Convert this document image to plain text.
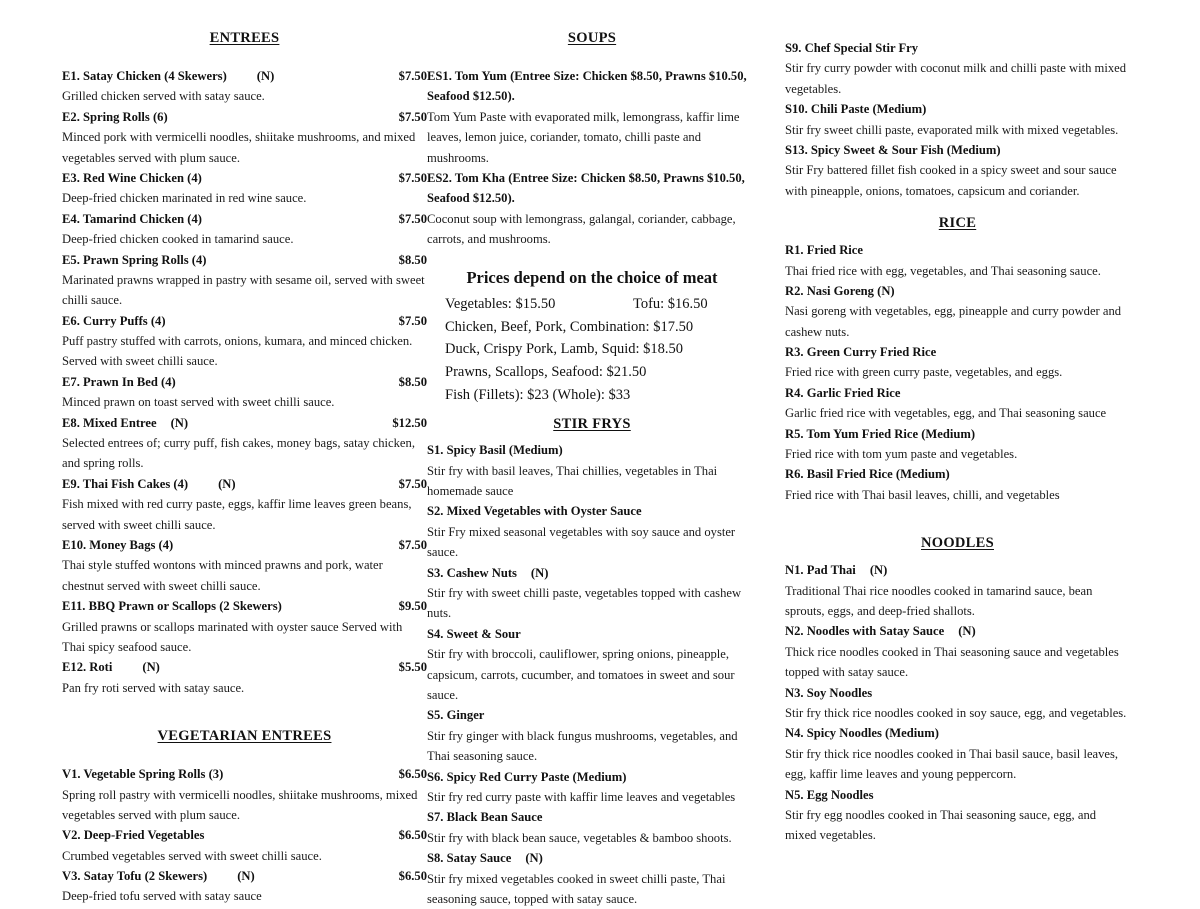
ENTREES
E1. Satay Chicken (4 Skewers) (N)	$7.50
Grilled chicken served with satay sauce.
E2. Spring Rolls (6)	$7.50
Minced pork with vermicelli noodles, shiitake mushrooms, and mixed vegetables served with plum sauce.
E3. Red Wine Chicken (4)	$7.50
Deep-fried chicken marinated in red wine sauce.
E4. Tamarind Chicken (4)	$7.50
Deep-fried chicken cooked in tamarind sauce.
E5. Prawn Spring Rolls (4)	$8.50
Marinated prawns wrapped in pastry with sesame oil, served with sweet chilli sauce.
E6. Curry Puffs (4)	$7.50
Puff pastry stuffed with carrots, onions, kumara, and minced chicken. Served with sweet chilli sauce.
E7. Prawn In Bed (4)	$8.50
Minced prawn on toast served with sweet chilli sauce.
E8. Mixed Entree (N)	$12.50
Selected entrees of; curry puff, fish cakes, money bags, satay chicken, and spring rolls.
E9. Thai Fish Cakes (4) (N)	$7.50
Fish mixed with red curry paste, eggs, kaffir lime leaves green beans, served with sweet chilli sauce.
E10. Money Bags (4)	$7.50
Thai style stuffed wontons with minced prawns and pork, water chestnut served with sweet chilli sauce.
E11. BBQ Prawn or Scallops (2 Skewers)	$9.50
Grilled prawns or scallops marinated with oyster sauce Served with Thai spicy seafood sauce.
E12. Roti (N)	$5.50
Pan fry roti served with satay sauce.
VEGETARIAN ENTREES
V1. Vegetable Spring Rolls (3)	$6.50
Spring roll pastry with vermicelli noodles, shiitake mushrooms, mixed vegetables served with plum sauce.
V2. Deep-Fried Vegetables	$6.50
Crumbed vegetables served with sweet chilli sauce.
V3. Satay Tofu (2 Skewers) (N)	$6.50
Deep-fried tofu served with satay sauce
SOUPS
ES1. Tom Yum (Entree Size: Chicken $8.50, Prawns $10.50, Seafood $12.50).
Tom Yum Paste with evaporated milk, lemongrass, kaffir lime leaves, lemon juice, coriander, tomato, chilli paste and mushrooms.
ES2. Tom Kha (Entree Size: Chicken $8.50, Prawns $10.50, Seafood $12.50).
Coconut soup with lemongrass, galangal, coriander, cabbage, carrots, and mushrooms.
Prices depend on the choice of meat
Vegetables: $15.50	Tofu: $16.50
Chicken, Beef, Pork, Combination: $17.50
Duck, Crispy Pork, Lamb, Squid: $18.50
Prawns, Scallops, Seafood: $21.50
Fish (Fillets): $23 (Whole): $33
STIR FRYS
S1. Spicy Basil (Medium)
Stir fry with basil leaves, Thai chillies, vegetables in Thai homemade sauce
S2. Mixed Vegetables with Oyster Sauce
Stir Fry mixed seasonal vegetables with soy sauce and oyster sauce.
S3. Cashew Nuts (N)
Stir fry with sweet chilli paste, vegetables topped with cashew nuts.
S4. Sweet & Sour
Stir fry with broccoli, cauliflower, spring onions, pineapple, capsicum, carrots, cucumber, and tomatoes in sweet and sour sauce.
S5. Ginger
Stir fry ginger with black fungus mushrooms, vegetables, and Thai seasoning sauce.
S6. Spicy Red Curry Paste (Medium)
Stir fry red curry paste with kaffir lime leaves and vegetables
S7. Black Bean Sauce
Stir fry with black bean sauce, vegetables & bamboo shoots.
S8. Satay Sauce (N)
Stir fry mixed vegetables cooked in sweet chilli paste, Thai seasoning sauce, topped with satay sauce.
S9. Chef Special Stir Fry
Stir fry curry powder with coconut milk and chilli paste with mixed vegetables.
S10. Chili Paste (Medium)
Stir fry sweet chilli paste, evaporated milk with mixed vegetables.
S13. Spicy Sweet & Sour Fish (Medium)
Stir Fry battered fillet fish cooked in a spicy sweet and sour sauce with pineapple, onions, tomatoes, capsicum and coriander.
RICE
R1. Fried Rice
Thai fried rice with egg, vegetables, and Thai seasoning sauce.
R2. Nasi Goreng (N)
Nasi goreng with vegetables, egg, pineapple and curry powder and cashew nuts.
R3. Green Curry Fried Rice
Fried rice with green curry paste, vegetables, and eggs.
R4. Garlic Fried Rice
Garlic fried rice with vegetables, egg, and Thai seasoning sauce
R5. Tom Yum Fried Rice (Medium)
Fried rice with tom yum paste and vegetables.
R6. Basil Fried Rice (Medium)
Fried rice with Thai basil leaves, chilli, and vegetables
NOODLES
N1. Pad Thai (N)
Traditional Thai rice noodles cooked in tamarind sauce, bean sprouts, eggs, and deep-fried shallots.
N2. Noodles with Satay Sauce (N)
Thick rice noodles cooked in Thai seasoning sauce and vegetables topped with satay sauce.
N3. Soy Noodles
Stir fry thick rice noodles cooked in soy sauce, egg, and vegetables.
N4. Spicy Noodles (Medium)
Stir fry thick rice noodles cooked in Thai basil sauce, basil leaves, egg, kaffir lime leaves and young peppercorn.
N5. Egg Noodles
Stir fry egg noodles cooked in Thai seasoning sauce, egg, and mixed vegetables.
